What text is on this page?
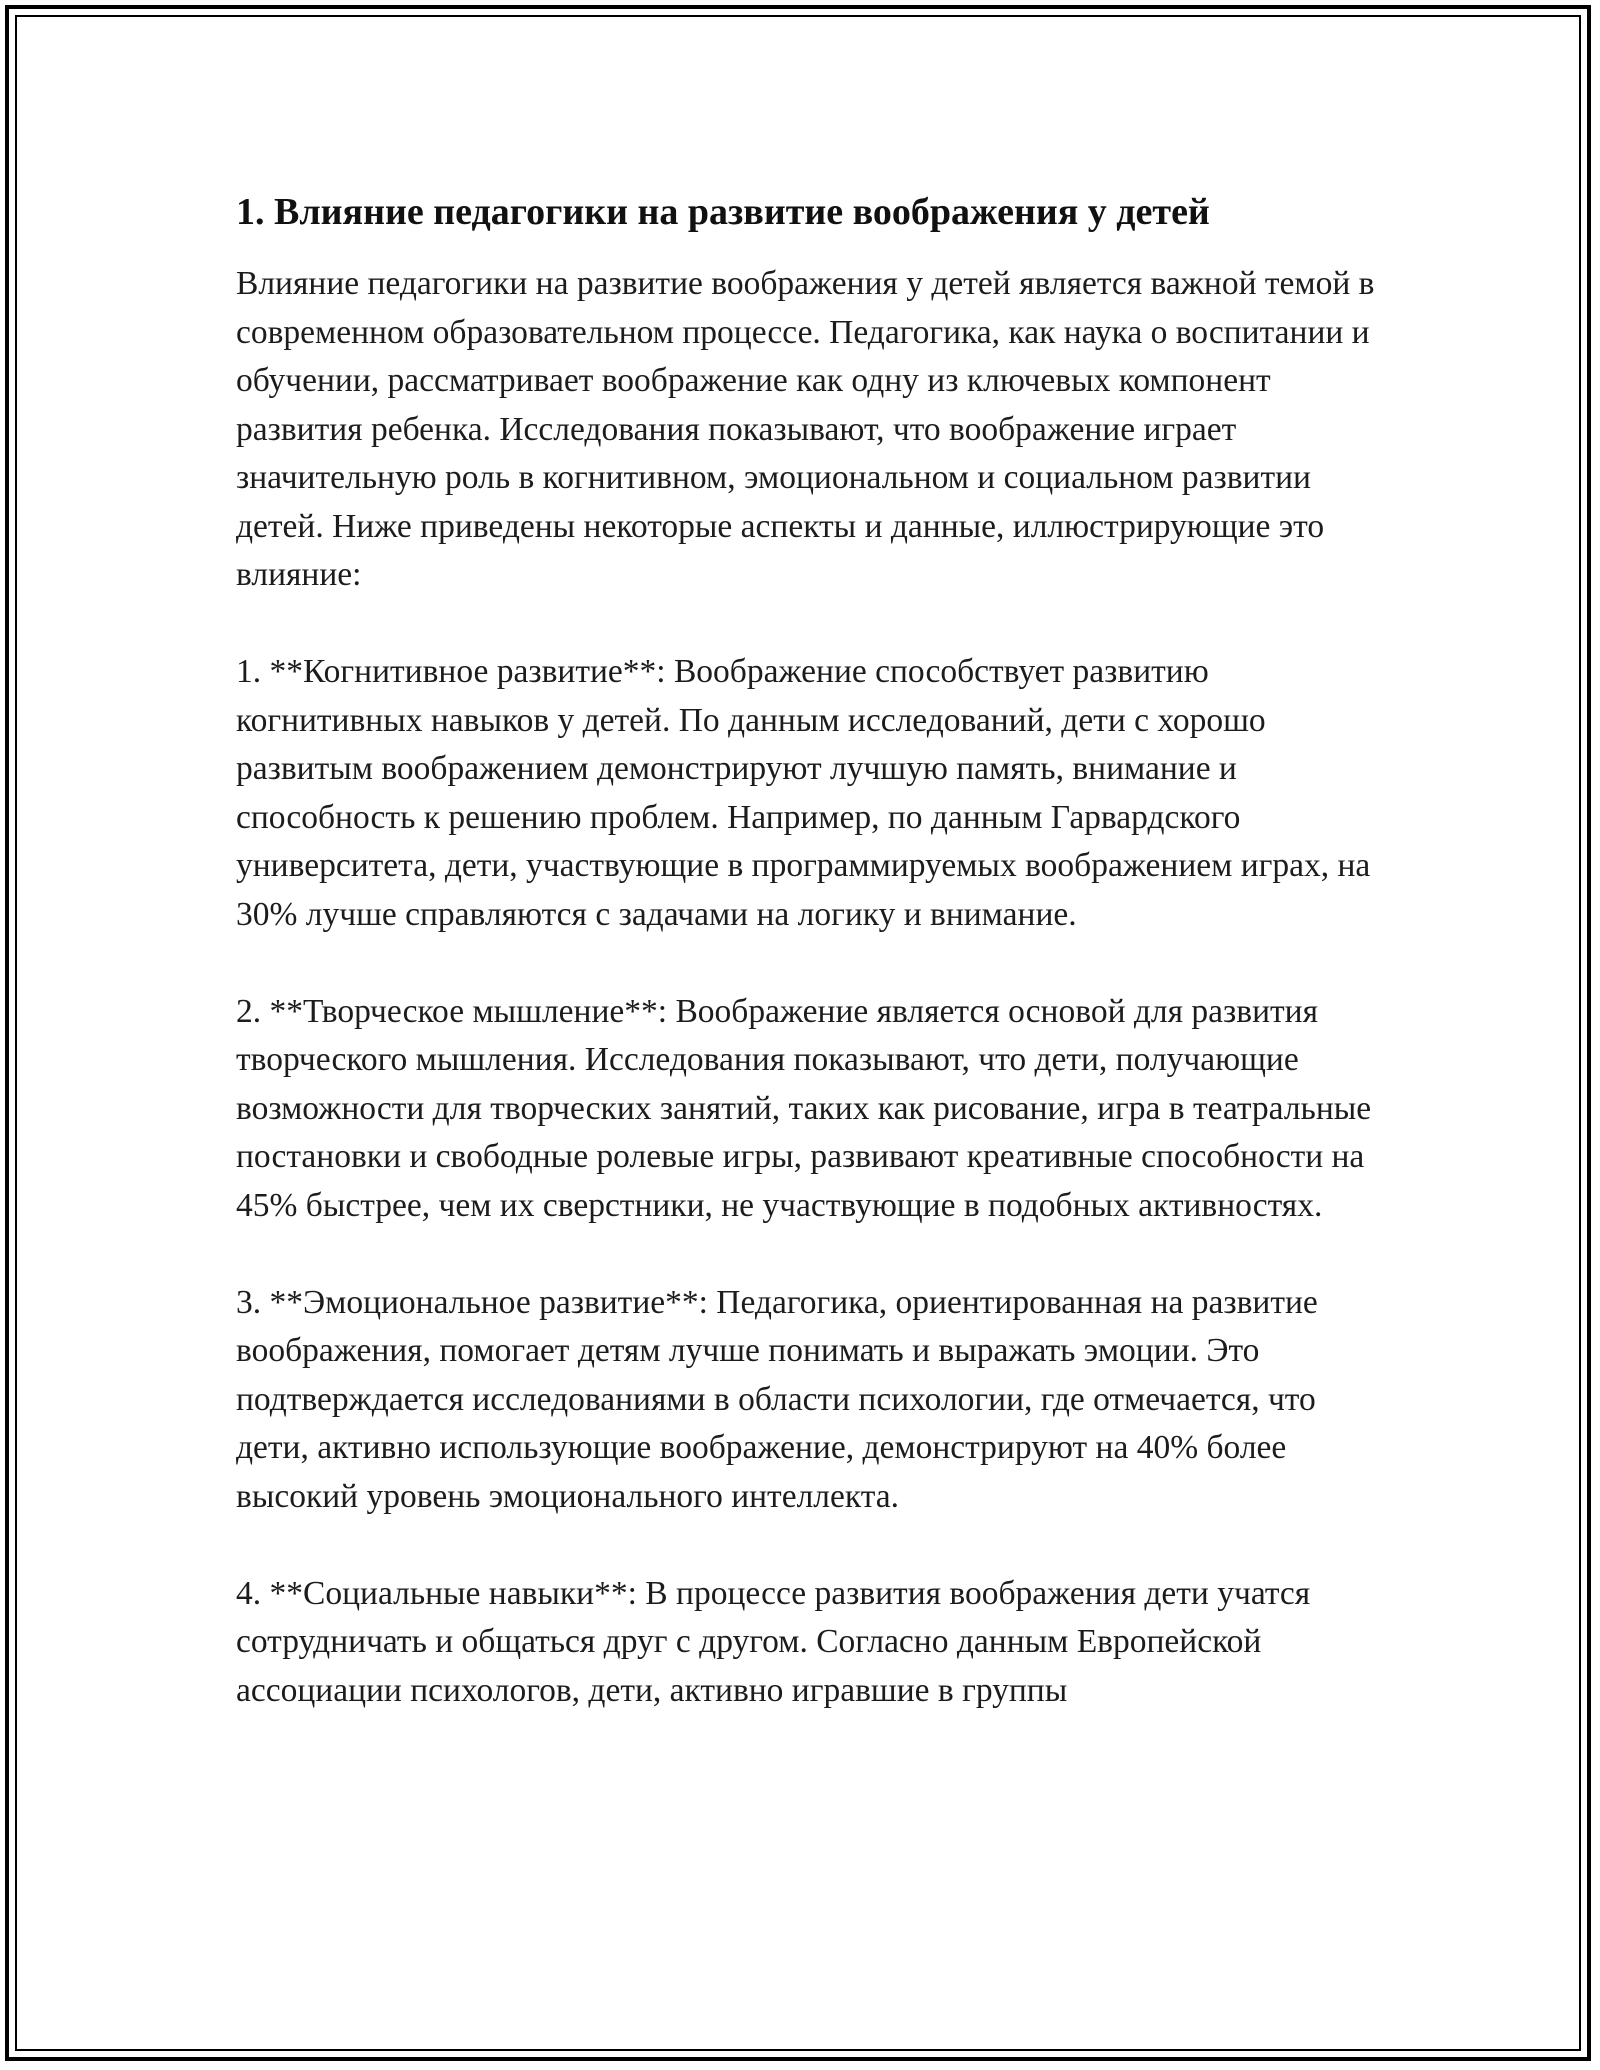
1. Влияние педагогики на развитие воображения у детей

Влияние педагогики на развитие воображения у детей является важной темой в современном образовательном процессе. Педагогика, как наука о воспитании и обучении, рассматривает воображение как одну из ключевых компонент развития ребенка. Исследования показывают, что воображение играет значительную роль в когнитивном, эмоциональном и социальном развитии детей. Ниже приведены некоторые аспекты и данные, иллюстрирующие это влияние:

1. **Когнитивное развитие**: Воображение способствует развитию когнитивных навыков у детей. По данным исследований, дети с хорошо развитым воображением демонстрируют лучшую память, внимание и способность к решению проблем. Например, по данным Гарвардского университета, дети, участвующие в программируемых воображением играх, на 30% лучше справляются с задачами на логику и внимание.

2. **Творческое мышление**: Воображение является основой для развития творческого мышления. Исследования показывают, что дети, получающие возможности для творческих занятий, таких как рисование, игра в театральные постановки и свободные ролевые игры, развивают креативные способности на 45% быстрее, чем их сверстники, не участвующие в подобных активностях.

3. **Эмоциональное развитие**: Педагогика, ориентированная на развитие воображения, помогает детям лучше понимать и выражать эмоции. Это подтверждается исследованиями в области психологии, где отмечается, что дети, активно использующие воображение, демонстрируют на 40% более высокий уровень эмоционального интеллекта.

4. **Социальные навыки**: В процессе развития воображения дети учатся сотрудничать и общаться друг с другом. Согласно данным Европейской ассоциации психологов, дети, активно игравшие в группы
